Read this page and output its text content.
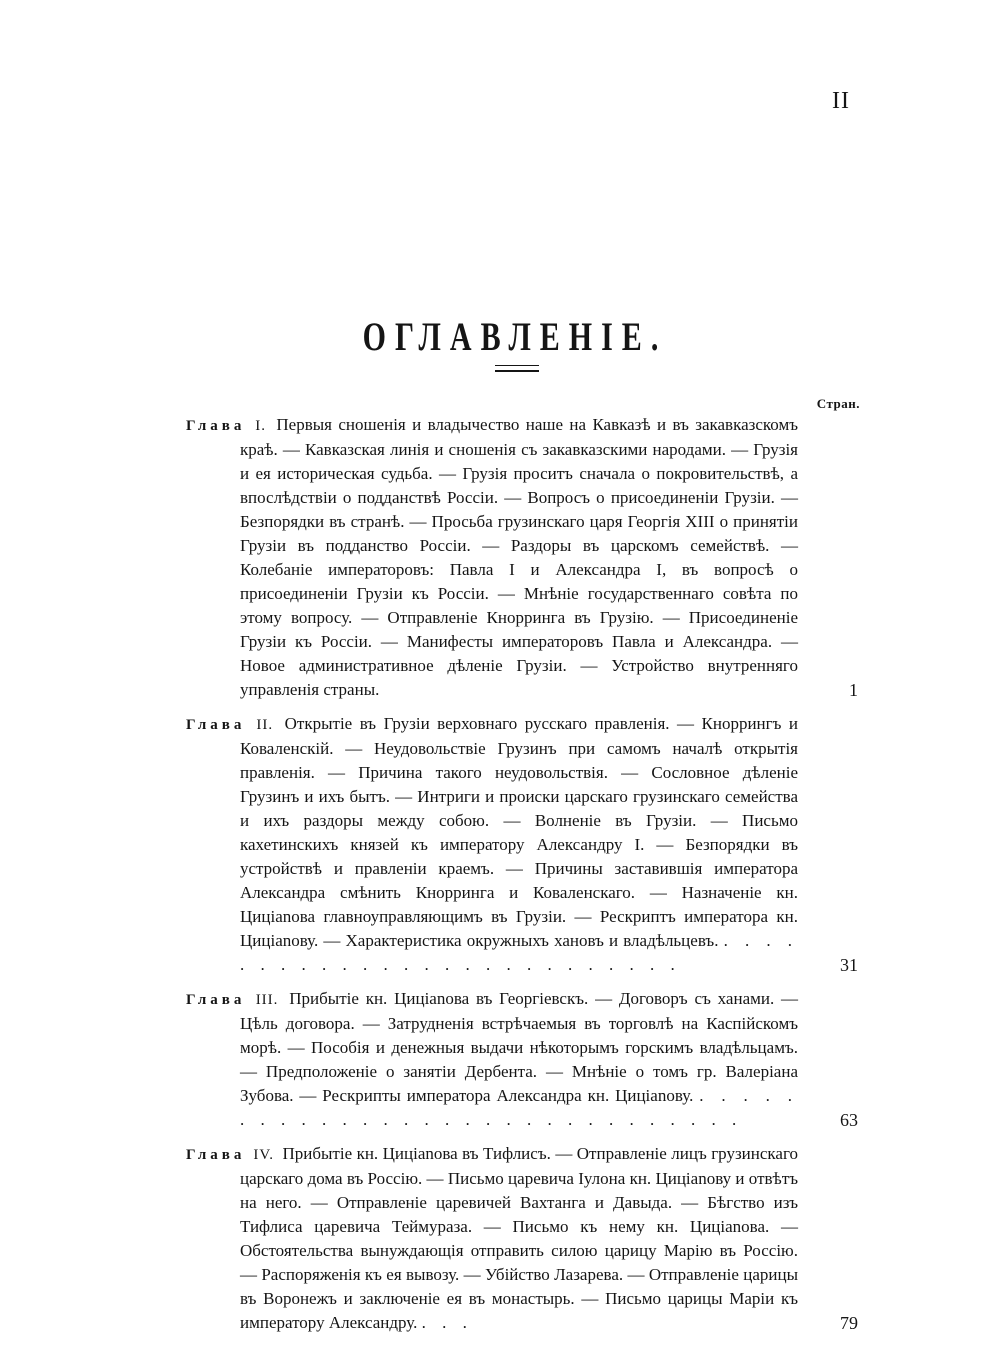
II
ОГЛАВЛЕНІЕ.
Стран.
Глава I. Первыя сношенія и владычество наше на Кавказѣ и въ закавказскомъ краѣ. — Кавказская линія и сношенія съ закавказскими народами. — Грузія и ея историческая судьба. — Грузія проситъ сначала о покровительствѣ, а впослѣдствіи о подданствѣ Россіи. — Вопросъ о присоединеніи Грузіи. — Безпорядки въ странѣ. — Просьба грузинскаго царя Георгія XIII о принятіи Грузіи въ подданство Россіи. — Раздоры въ царскомъ семействѣ. — Колебаніе императоровъ: Павла I и Александра I, въ вопросѣ о присоединеніи Грузіи къ Россіи. — Мнѣніе государственнаго совѣта по этому вопросу. — Отправленіе Кнорринга въ Грузію. — Присоединеніе Грузіи къ Россіи. — Манифесты императоровъ Павла и Александра. — Новое административное дѣленіе Грузіи. — Устройство внутренняго управленія страны.	1
Глава II. Открытіе въ Грузіи верховнаго русскаго правленія. — Кноррингъ и Коваленскій. — Неудовольствіе Грузинъ при самомъ началѣ открытія правленія. — Причина такого неудовольствія. — Сословное дѣленіе Грузинъ и ихъ бытъ. — Интриги и происки царскаго грузинскаго семейства и ихъ раздоры между собою. — Волненіе въ Грузіи. — Письмо кахетинскихъ князей къ императору Александру I. — Безпорядки въ устройствѣ и правленіи краемъ. — Причины заставившія императора Александра смѣнить Кнорринга и Коваленскаго. — Назначеніе кн. Цицianова главноуправляющимъ въ Грузіи. — Рескриптъ императора кн. Цицianову. — Характеристика окружныхъ хановъ и владѣльцевъ. . . . . . . . . . . . . . . . . . . . . . . . . . .	31
Глава III. Прибытіе кн. Цицianова въ Георгіевскъ. — Договоръ съ ханами. — Цѣль договора. — Затрудненія встрѣчаемыя въ торговлѣ на Каспійскомъ морѣ. — Пособія и денежныя выдачи нѣкоторымъ горскимъ владѣльцамъ. — Предположеніе о занятіи Дербента. — Мнѣніе о томъ гр. Валеріана Зубова. — Рескрипты императора Александра кн. Цицianову. . . . . . . . . . . . . . . . . . . . . . . . . . . . . . .	63
Глава IV. Прибытіе кн. Цицianова въ Тифлисъ. — Отправленіе лицъ грузинскаго царскаго дома въ Россію. — Письмо царевича Іулона кн. Цицianову и отвѣтъ на него. — Отправленіе царевичей Вахтанга и Давыда. — Бѣгство изъ Тифлиса царевича Теймураза. — Письмо къ нему кн. Цицianова. — Обстоятельства вынуждающія отправить силою царицу Марію въ Россію. — Распоряженія къ ея вывозу. — Убійство Лазарева. — Отправленіе царицы въ Воронежъ и заключеніе ея въ монастырь. — Письмо царицы Маріи къ императору Александру. . . .	79
